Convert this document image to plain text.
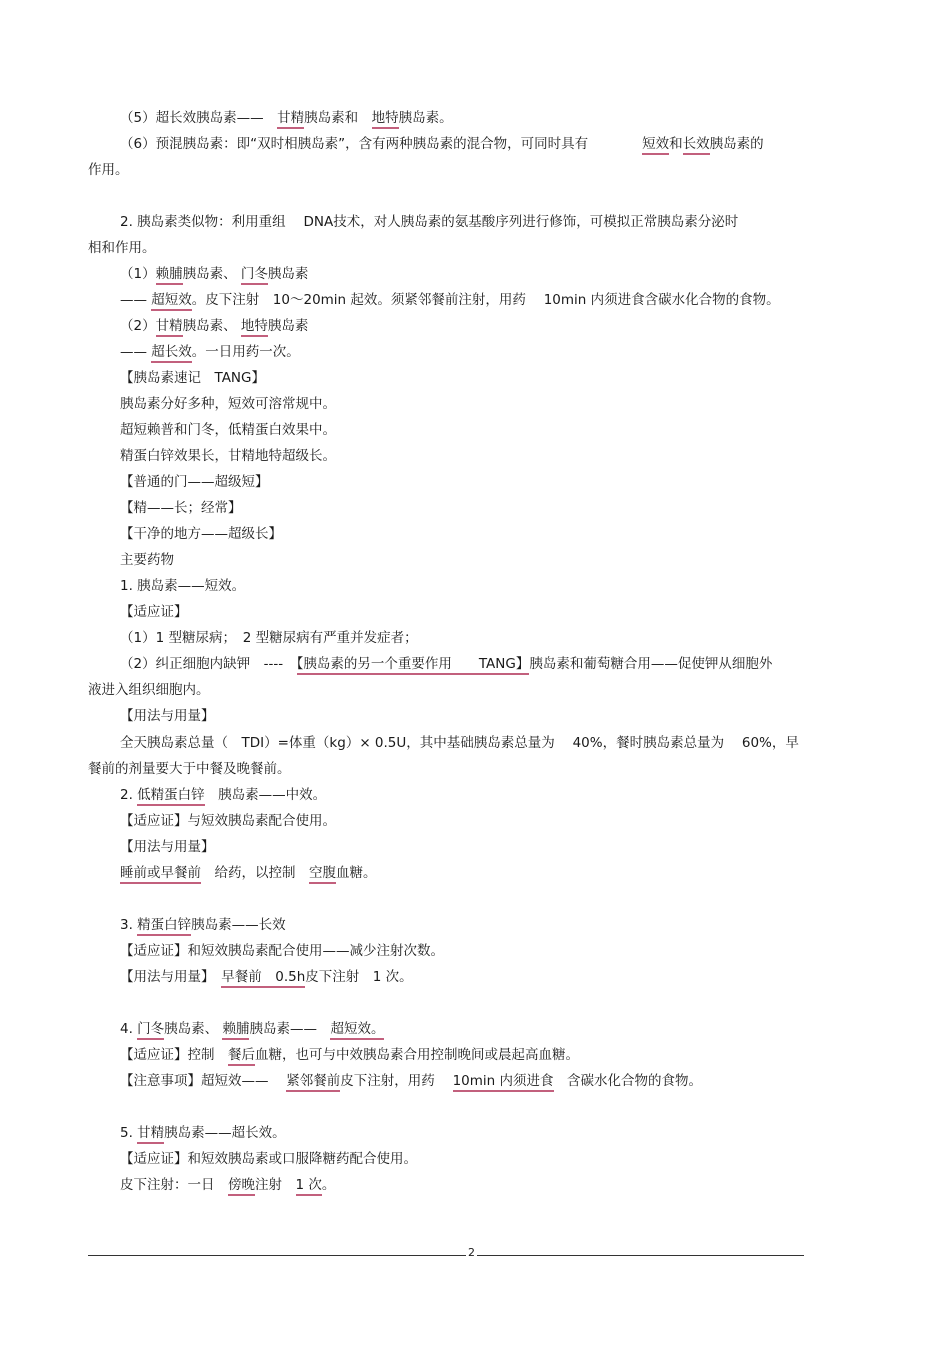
（5）超长效胰岛素——　甘精胰岛素和　地特胰岛素。
（6）预混胰岛素：即“双时相胰岛素”，含有两种胰岛素的混合物，可同时具有　　　　短效和长效胰岛素的
作用。
2. 胰岛素类似物：利用重组　 DNA技术，对人胰岛素的氨基酸序列进行修饰，可模拟正常胰岛素分泌时
相和作用。
（1）赖脯胰岛素、 门冬胰岛素
—— 超短效。皮下注射　10～20min 起效。须紧邻餐前注射，用药　 10min 内须进食含碳水化合物的食物。
（2）甘精胰岛素、 地特胰岛素
—— 超长效。一日用药一次。
【胰岛素速记　TANG】
胰岛素分好多种，短效可溶常规中。
超短赖普和门冬，低精蛋白效果中。
精蛋白锌效果长，甘精地特超级长。
【普通的门——超级短】
【精——长；经常】
【干净的地方——超级长】
主要药物
1. 胰岛素——短效。
【适应证】
（1）1 型糖尿病；　2 型糖尿病有严重并发症者；
（2）纠正细胞内缺钾　----　【胰岛素的另一个重要作用　　TANG】胰岛素和葡萄糖合用——促使钾从细胞外
液进入组织细胞内。
【用法与用量】
全天胰岛素总量（　TDI）=体重（kg）× 0.5U，其中基础胰岛素总量为　 40%，餐时胰岛素总量为　 60%，早
餐前的剂量要大于中餐及晚餐前。
2. 低精蛋白锌　胰岛素——中效。
【适应证】与短效胰岛素配合使用。
【用法与用量】
睡前或早餐前　给药，以控制　空腹血糖。
3. 精蛋白锌胰岛素——长效
【适应证】和短效胰岛素配合使用——减少注射次数。
【用法与用量】　早餐前　0.5h皮下注射　1 次。
4. 门冬胰岛素、 赖脯胰岛素——　超短效。
【适应证】控制　餐后血糖，也可与中效胰岛素合用控制晚间或晨起高血糖。
【注意事项】超短效——　 紧邻餐前皮下注射，用药　 10min 内须进食　含碳水化合物的食物。
5. 甘精胰岛素——超长效。
【适应证】和短效胰岛素或口服降糖药配合使用。
皮下注射：一日　傍晚注射　1 次。
2
